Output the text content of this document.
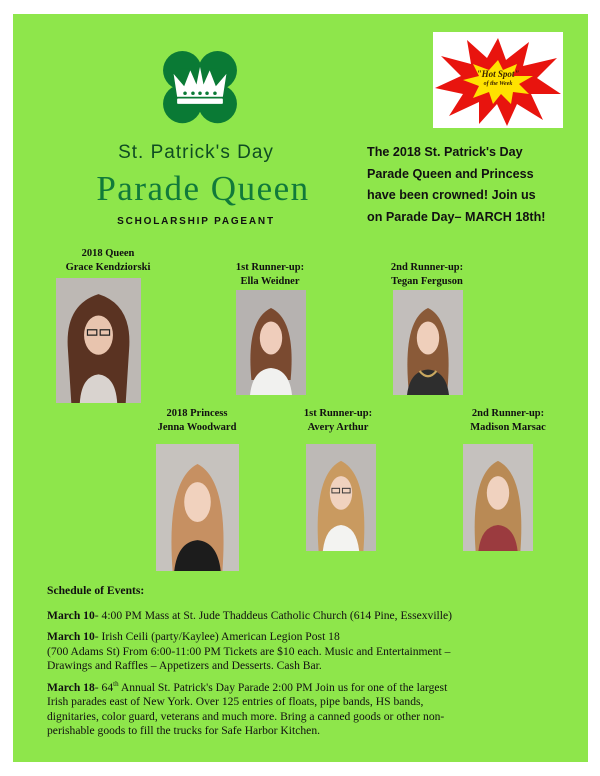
"Hot Spot"
of the Week
St. Patrick's Day
Parade Queen
SCHOLARSHIP PAGEANT
The 2018 St. Patrick's Day
Parade Queen and Princess
have been crowned! Join us
on Parade Day– MARCH 18th!
2018 Queen
Grace Kendziorski	1st Runner-up:
Ella Weidner
2nd Runner-up:
Tegan Ferguson
2018 Princess
Jenna Woodward
1st Runner-up:
Avery Arthur
2nd Runner-up:
Madison Marsac
Schedule of Events:

March 10- 4:00 PM Mass at St. Jude Thaddeus Catholic Church (614 Pine, Essexville)

March 10- Irish Ceili (party/Kaylee) American Legion Post 18

(700 Adams St) From 6:00-11:00 PM Tickets are $10 each. Music and Entertainment –

Drawings and Raffles – Appetizers and Desserts. Cash Bar.

March 18- 64th Annual St. Patrick's Day Parade 2:00 PM Join us for one of the largest

Irish parades east of New York. Over 125 entries of floats, pipe bands, HS bands,

dignitaries, color guard, veterans and much more. Bring a canned goods or other non-

perishable goods to fill the trucks for Safe Harbor Kitchen.
